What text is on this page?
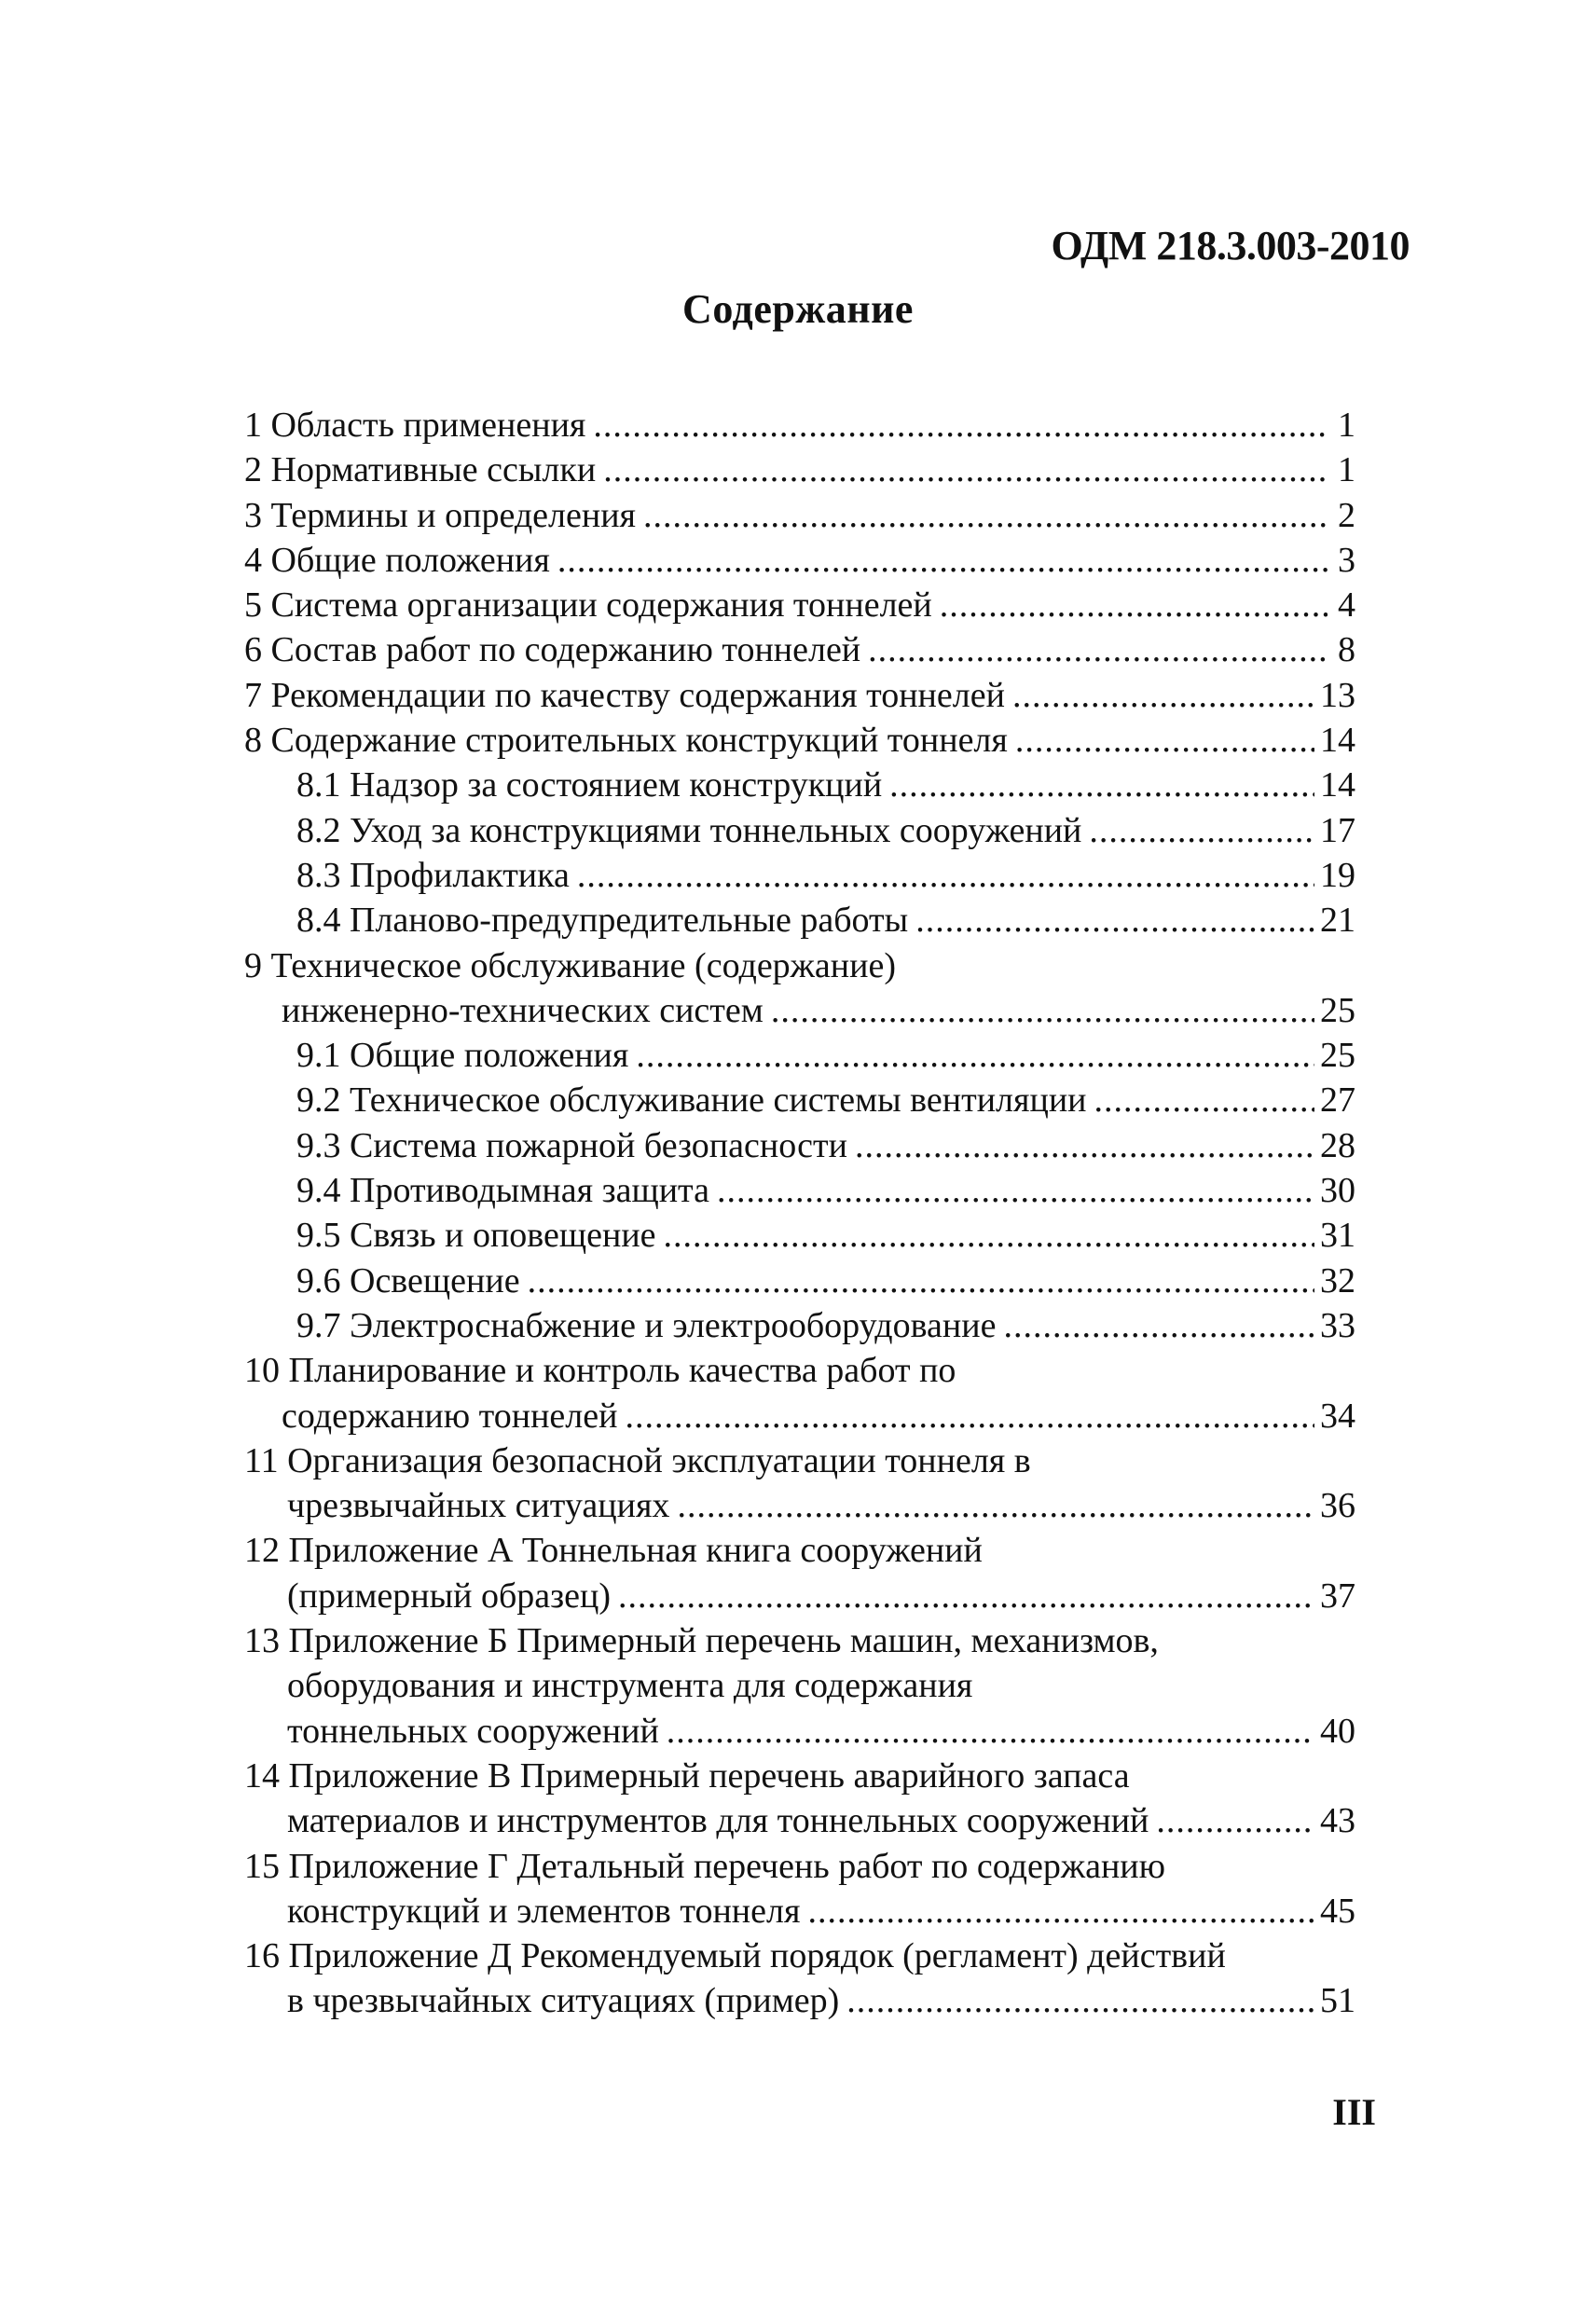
ОДМ 218.3.003-2010
Содержание
1 Область применения .....	1
2 Нормативные ссылки .....	1
3 Термины и определения .....	2
4 Общие положения .....	3
5 Система организации содержания тоннелей .....	4
6 Состав работ по содержанию тоннелей .....	8
7 Рекомендации по качеству содержания тоннелей .....	13
8 Содержание строительных конструкций тоннеля .....	14
8.1 Надзор за состоянием конструкций .....	14
8.2 Уход за конструкциями тоннельных сооружений .....	17
8.3 Профилактика .....	19
8.4 Планово-предупредительные работы .....	21
9 Техническое обслуживание (содержание)
инженерно-технических систем .....	25
9.1 Общие положения .....	25
9.2 Техническое обслуживание системы вентиляции .....	27
9.3 Система пожарной безопасности .....	28
9.4 Противодымная защита .....	30
9.5 Связь и оповещение .....	31
9.6 Освещение .....	32
9.7 Электроснабжение и электрооборудование .....	33
10 Планирование и контроль качества работ по
содержанию тоннелей .....	34
11 Организация безопасной эксплуатации тоннеля в
чрезвычайных ситуациях .....	36
12 Приложение А Тоннельная книга сооружений
(примерный образец) .....	37
13 Приложение Б Примерный перечень машин, механизмов,
оборудования и инструмента для содержания
тоннельных сооружений .....	40
14 Приложение В Примерный перечень аварийного запаса
материалов и инструментов для тоннельных сооружений .....	43
15 Приложение Г Детальный перечень работ по содержанию
конструкций и элементов тоннеля .....	45
16 Приложение Д Рекомендуемый порядок (регламент) действий
в чрезвычайных ситуациях (пример) .....	51
III
